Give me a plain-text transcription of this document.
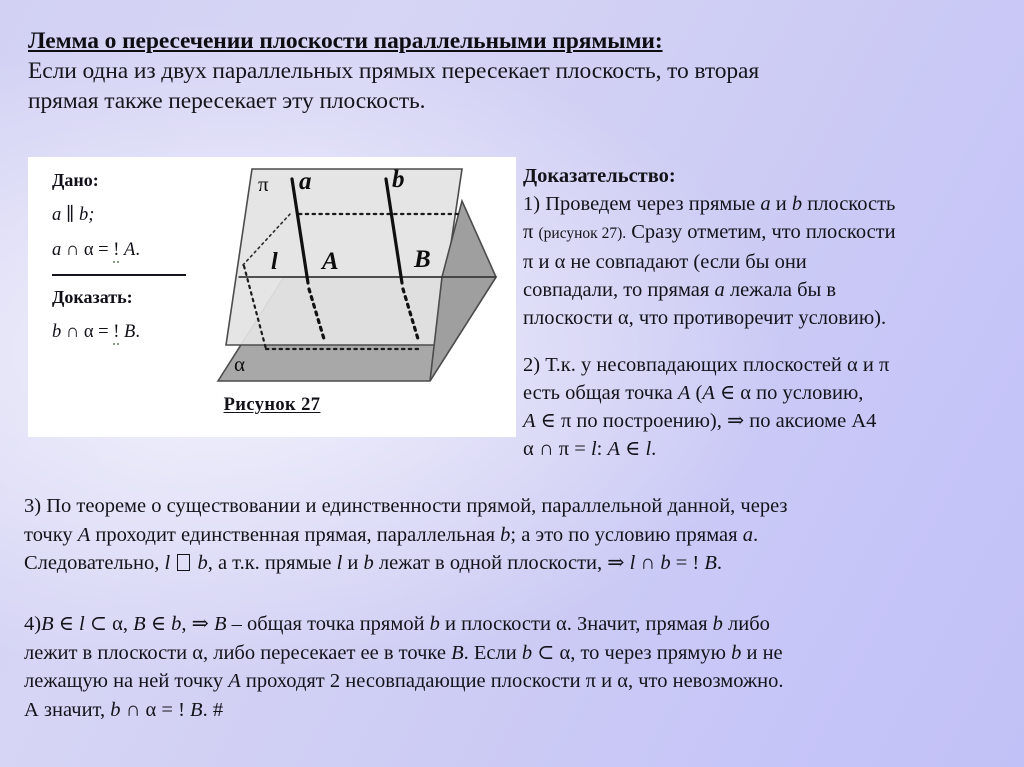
Лемма о пересечении плоскости параллельными прямыми:
Если одна из двух параллельных прямых пересекает плоскость, то вторая
прямая также пересекает эту плоскость.
Дано:
a ∥ b;
a ∩ α = ! A.
Доказать:
b ∩ α = ! B.
π a	b
l A	B
α
Рисунок 27

Доказательство:

1) Проведем через прямые a и b плоскость

π (рисунок 27). Сразу отметим, что плоскости

π и α не совпадают (если бы они

совпадали, то прямая a лежала бы в

плоскости α, что противоречит условию).

2) Т.к. у несовпадающих плоскостей α и π

есть общая точка A (A ∈ α по условию,

A ∈ π по построению), ⇒ по аксиоме А4

α ∩ π = l: A ∈ l.

3) По теореме о существовании и единственности прямой, параллельной данной, через

точку A проходит единственная прямая, параллельная b; а это по условию прямая a.

Следовательно, l b, а т.к. прямые l и b лежат в одной плоскости, ⇒ l ∩ b = ! B.

4)B ∈ l ⊂ α, B ∈ b, ⇒ B – общая точка прямой b и плоскости α. Значит, прямая b либо

лежит в плоскости α, либо пересекает ее в точке B. Если b ⊂ α, то через прямую b и не

лежащую на ней точку A проходят 2 несовпадающие плоскости π и α, что невозможно.

А значит, b ∩ α = ! B. #
